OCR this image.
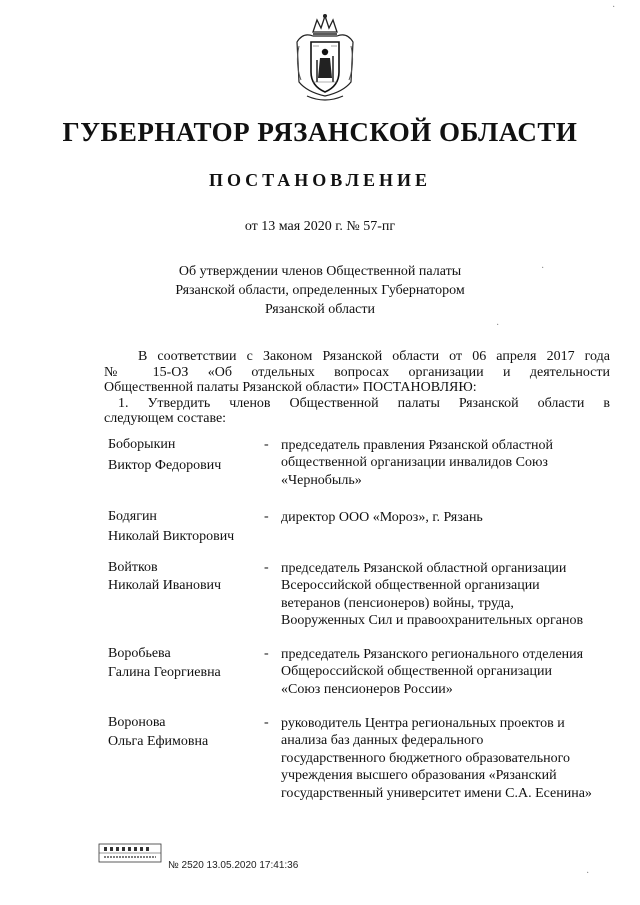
ГУБЕРНАТОР РЯЗАНСКОЙ ОБЛАСТИ
ПОСТАНОВЛЕНИЕ
от 13 мая 2020 г. № 57-пг
Об утверждении членов Общественной палаты
Рязанской области, определенных Губернатором
Рязанской области
В соответствии с Законом Рязанской области от 06 апреля 2017 года
№ 15-ОЗ «Об отдельных вопросах организации и деятельности
Общественной палаты Рязанской области» ПОСТАНОВЛЯЮ:
1. Утвердить членов Общественной палаты Рязанской области в
следующем составе:
Боборыкин
Виктор Федорович
- председатель правления Рязанской областной
общественной организации инвалидов Союз
«Чернобыль»
Бодягин
Николай Викторович
- директор ООО «Мороз», г. Рязань
Войтков
Николай Иванович
- председатель Рязанской областной организации
Всероссийской общественной организации
ветеранов (пенсионеров) войны, труда,
Вооруженных Сил и правоохранительных органов
Воробьева
Галина Георгиевна
- председатель Рязанского регионального отделения
Общероссийской общественной организации
«Союз пенсионеров России»
Воронова
Ольга Ефимовна
- руководитель Центра региональных проектов и
анализа баз данных федерального
государственного бюджетного образовательного
учреждения высшего образования «Рязанский
государственный университет имени С.А. Есенина»
№ 2520 13.05.2020 17:41:36
·
·
·
·
